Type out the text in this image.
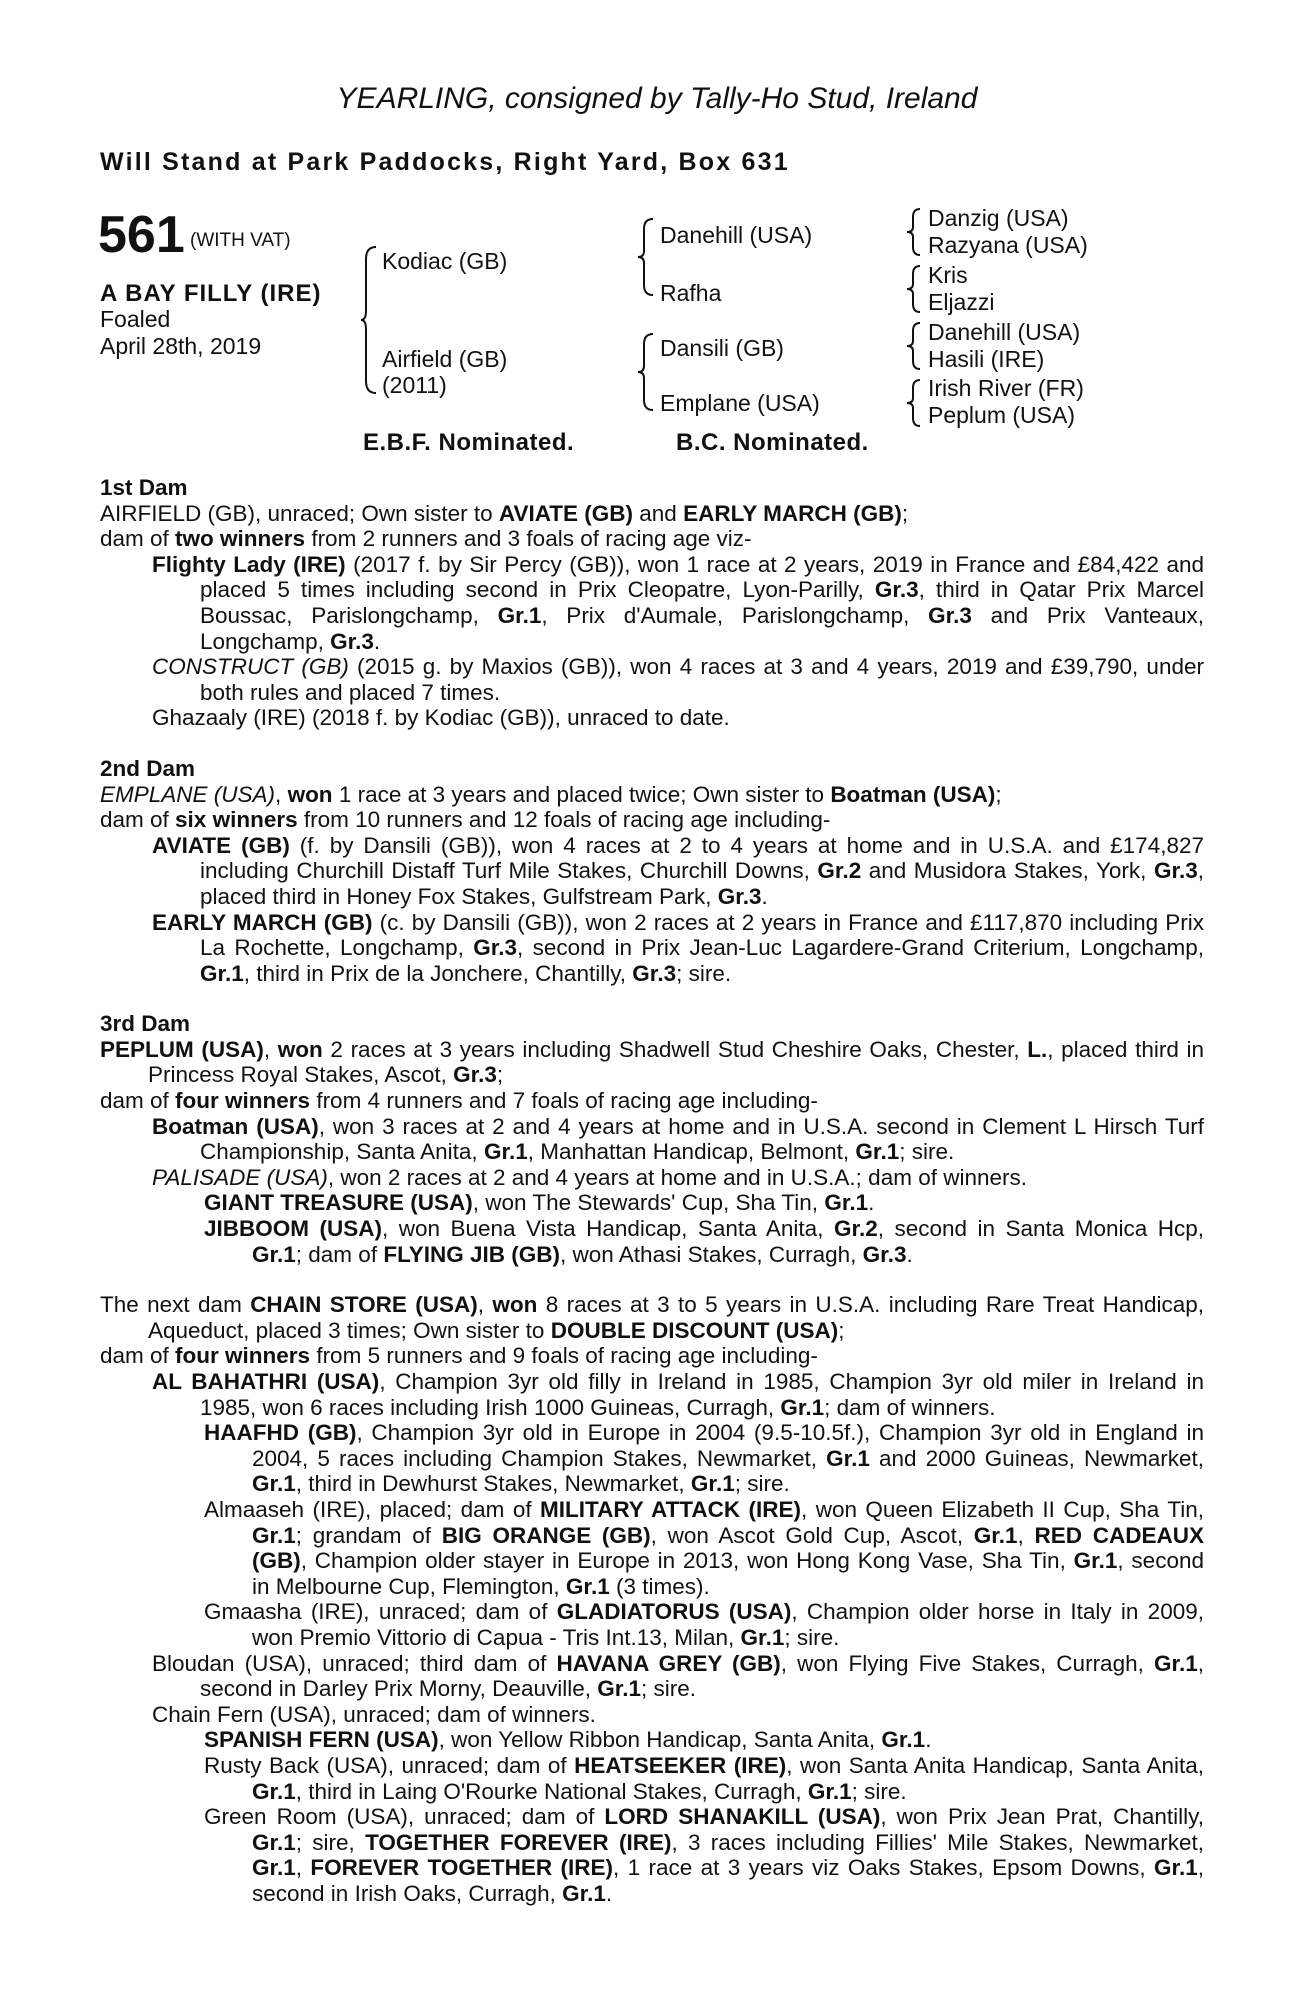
YEARLING, consigned by Tally-Ho Stud, Ireland
Will Stand at Park Paddocks, Right Yard, Box 631
561 (WITH VAT)
A BAY FILLY (IRE)
Foaled
April 28th, 2019
Kodiac (GB)
Airfield (GB)
(2011)
Danehill (USA)
Rafha
Dansili (GB)
Emplane (USA)
Danzig (USA)
Razyana (USA)
Kris
Eljazzi
Danehill (USA)
Hasili (IRE)
Irish River (FR)
Peplum (USA)
E.B.F. Nominated.	B.C. Nominated.

1st Dam

AIRFIELD (GB), unraced; Own sister to AVIATE (GB) and EARLY MARCH (GB);

dam of two winners from 2 runners and 3 foals of racing age viz-

Flighty Lady (IRE) (2017 f. by Sir Percy (GB)), won 1 race at 2 years, 2019 in France and £84,422 and placed 5 times including second in Prix Cleopatre, Lyon-Parilly, Gr.3, third in Qatar Prix Marcel Boussac, Parislongchamp, Gr.1, Prix d'Aumale, Parislongchamp, Gr.3 and Prix Vanteaux, Longchamp, Gr.3.

CONSTRUCT (GB) (2015 g. by Maxios (GB)), won 4 races at 3 and 4 years, 2019 and £39,790, under both rules and placed 7 times.

Ghazaaly (IRE) (2018 f. by Kodiac (GB)), unraced to date.

2nd Dam

EMPLANE (USA), won 1 race at 3 years and placed twice; Own sister to Boatman (USA);

dam of six winners from 10 runners and 12 foals of racing age including-

AVIATE (GB) (f. by Dansili (GB)), won 4 races at 2 to 4 years at home and in U.S.A. and £174,827 including Churchill Distaff Turf Mile Stakes, Churchill Downs, Gr.2 and Musidora Stakes, York, Gr.3, placed third in Honey Fox Stakes, Gulfstream Park, Gr.3.

EARLY MARCH (GB) (c. by Dansili (GB)), won 2 races at 2 years in France and £117,870 including Prix La Rochette, Longchamp, Gr.3, second in Prix Jean-Luc Lagardere-Grand Criterium, Longchamp, Gr.1, third in Prix de la Jonchere, Chantilly, Gr.3; sire.

3rd Dam

PEPLUM (USA), won 2 races at 3 years including Shadwell Stud Cheshire Oaks, Chester, L., placed third in Princess Royal Stakes, Ascot, Gr.3;

dam of four winners from 4 runners and 7 foals of racing age including-

Boatman (USA), won 3 races at 2 and 4 years at home and in U.S.A. second in Clement L Hirsch Turf Championship, Santa Anita, Gr.1, Manhattan Handicap, Belmont, Gr.1; sire.

PALISADE (USA), won 2 races at 2 and 4 years at home and in U.S.A.; dam of winners.

GIANT TREASURE (USA), won The Stewards' Cup, Sha Tin, Gr.1.

JIBBOOM (USA), won Buena Vista Handicap, Santa Anita, Gr.2, second in Santa Monica Hcp, Gr.1; dam of FLYING JIB (GB), won Athasi Stakes, Curragh, Gr.3.

The next dam CHAIN STORE (USA), won 8 races at 3 to 5 years in U.S.A. including Rare Treat Handicap, Aqueduct, placed 3 times; Own sister to DOUBLE DISCOUNT (USA);

dam of four winners from 5 runners and 9 foals of racing age including-

AL BAHATHRI (USA), Champion 3yr old filly in Ireland in 1985, Champion 3yr old miler in Ireland in 1985, won 6 races including Irish 1000 Guineas, Curragh, Gr.1; dam of winners.

HAAFHD (GB), Champion 3yr old in Europe in 2004 (9.5-10.5f.), Champion 3yr old in England in 2004, 5 races including Champion Stakes, Newmarket, Gr.1 and 2000 Guineas, Newmarket, Gr.1, third in Dewhurst Stakes, Newmarket, Gr.1; sire.

Almaaseh (IRE), placed; dam of MILITARY ATTACK (IRE), won Queen Elizabeth II Cup, Sha Tin, Gr.1; grandam of BIG ORANGE (GB), won Ascot Gold Cup, Ascot, Gr.1, RED CADEAUX (GB), Champion older stayer in Europe in 2013, won Hong Kong Vase, Sha Tin, Gr.1, second in Melbourne Cup, Flemington, Gr.1 (3 times).

Gmaasha (IRE), unraced; dam of GLADIATORUS (USA), Champion older horse in Italy in 2009, won Premio Vittorio di Capua - Tris Int.13, Milan, Gr.1; sire.

Bloudan (USA), unraced; third dam of HAVANA GREY (GB), won Flying Five Stakes, Curragh, Gr.1, second in Darley Prix Morny, Deauville, Gr.1; sire.

Chain Fern (USA), unraced; dam of winners.

SPANISH FERN (USA), won Yellow Ribbon Handicap, Santa Anita, Gr.1.

Rusty Back (USA), unraced; dam of HEATSEEKER (IRE), won Santa Anita Handicap, Santa Anita, Gr.1, third in Laing O'Rourke National Stakes, Curragh, Gr.1; sire.

Green Room (USA), unraced; dam of LORD SHANAKILL (USA), won Prix Jean Prat, Chantilly, Gr.1; sire, TOGETHER FOREVER (IRE), 3 races including Fillies' Mile Stakes, Newmarket, Gr.1, FOREVER TOGETHER (IRE), 1 race at 3 years viz Oaks Stakes, Epsom Downs, Gr.1, second in Irish Oaks, Curragh, Gr.1.
